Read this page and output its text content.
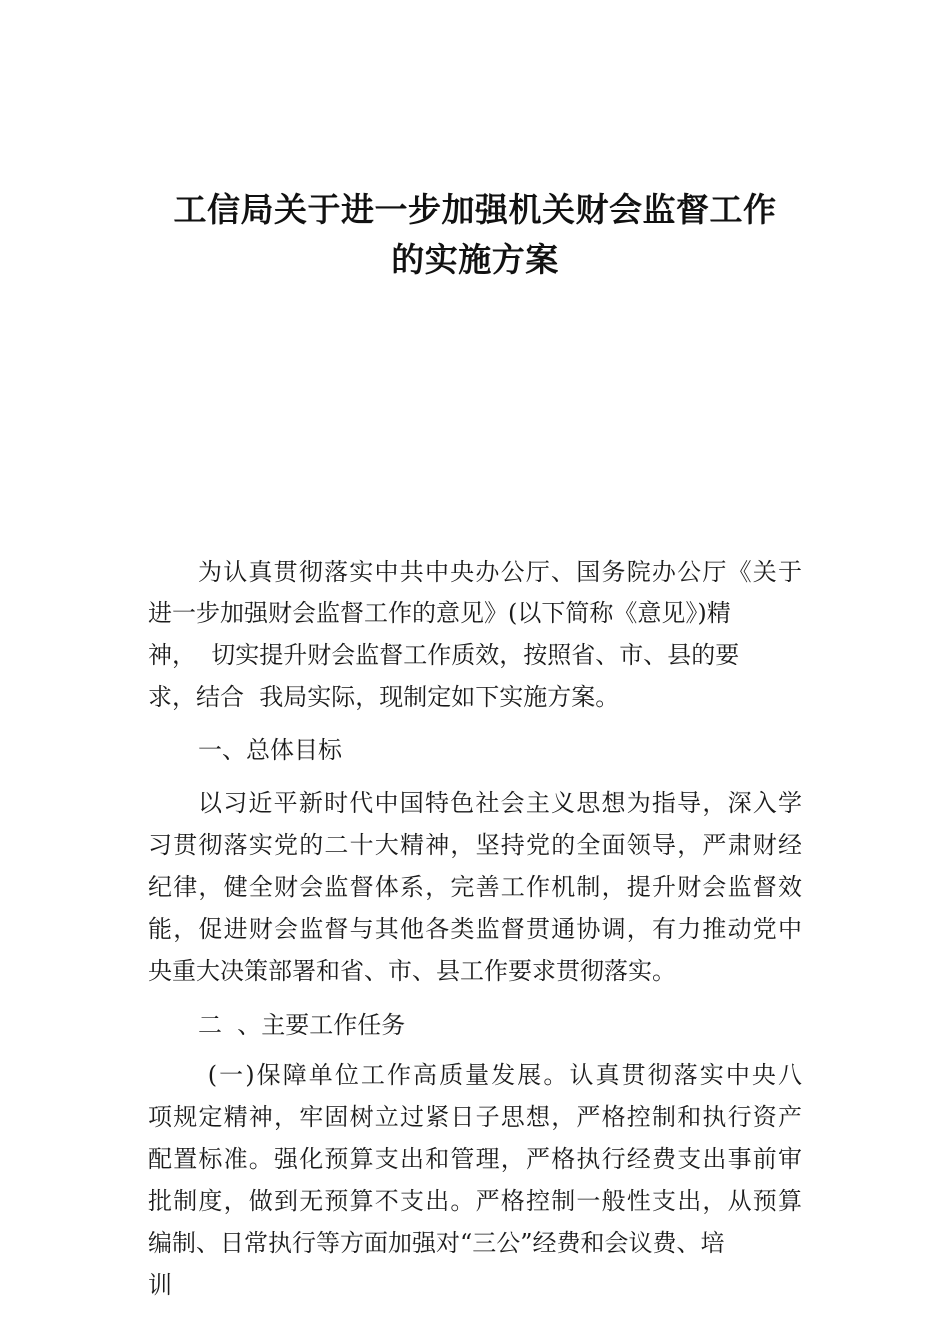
工信局关于进一步加强机关财会监督工作
的实施方案
为认真贯彻落实中共中央办公厅、国务院办公厅《关于
进一步加强财会监督工作的意见》(以下简称《意见》)精
神，  切实提升财会监督工作质效，按照省、市、县的要
求，结合  我局实际，现制定如下实施方案。
一、总体目标
以习近平新时代中国特色社会主义思想为指导，深入学
习贯彻落实党的二十大精神，坚持党的全面领导，严肃财经
纪律，健全财会监督体系，完善工作机制，提升财会监督效
能，促进财会监督与其他各类监督贯通协调，有力推动党中
央重大决策部署和省、市、县工作要求贯彻落实。
二  、主要工作任务
(一)保障单位工作高质量发展。认真贯彻落实中央八
项规定精神，牢固树立过紧日子思想，严格控制和执行资产
配置标准。强化预算支出和管理，严格执行经费支出事前审
批制度，做到无预算不支出。严格控制一般性支出，从预算
编制、日常执行等方面加强对“三公”经费和会议费、培
训
